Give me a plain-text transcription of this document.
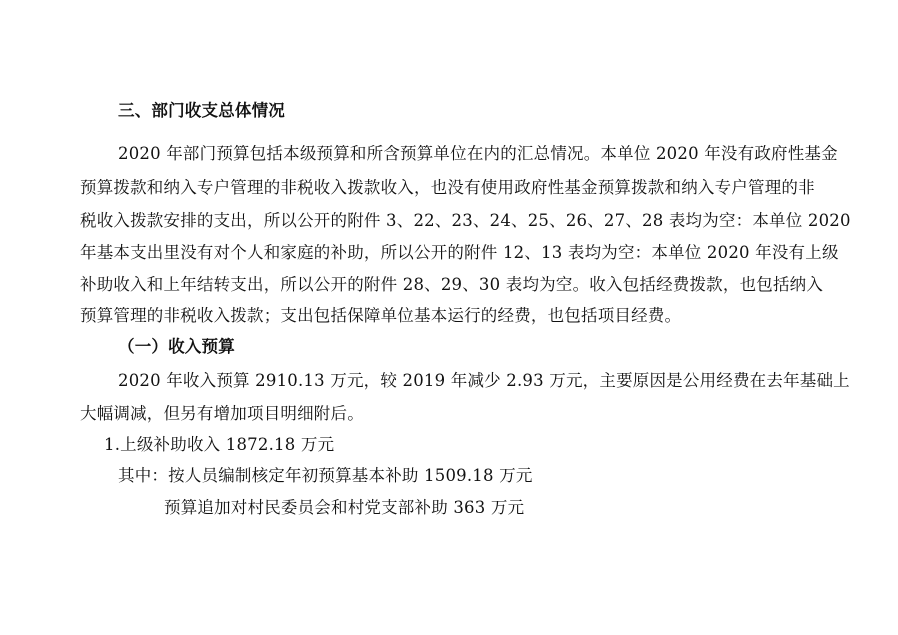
三、部门收支总体情况
2020 年部门预算包括本级预算和所含预算单位在内的汇总情况。本单位 2020 年没有政府性基金
预算拨款和纳入专户管理的非税收入拨款收入，也没有使用政府性基金预算拨款和纳入专户管理的非
税收入拨款安排的支出，所以公开的附件 3、22、23、24、25、26、27、28 表均为空：本单位 2020
年基本支出里没有对个人和家庭的补助，所以公开的附件 12、13 表均为空：本单位 2020 年没有上级
补助收入和上年结转支出，所以公开的附件 28、29、30 表均为空。收入包括经费拨款，也包括纳入
预算管理的非税收入拨款；支出包括保障单位基本运行的经费，也包括项目经费。
（一）收入预算
2020 年收入预算 2910.13 万元，较 2019 年减少 2.93 万元，主要原因是公用经费在去年基础上
大幅调减，但另有增加项目明细附后。
1.上级补助收入 1872.18 万元
其中：按人员编制核定年初预算基本补助 1509.18 万元
预算追加对村民委员会和村党支部补助 363 万元
